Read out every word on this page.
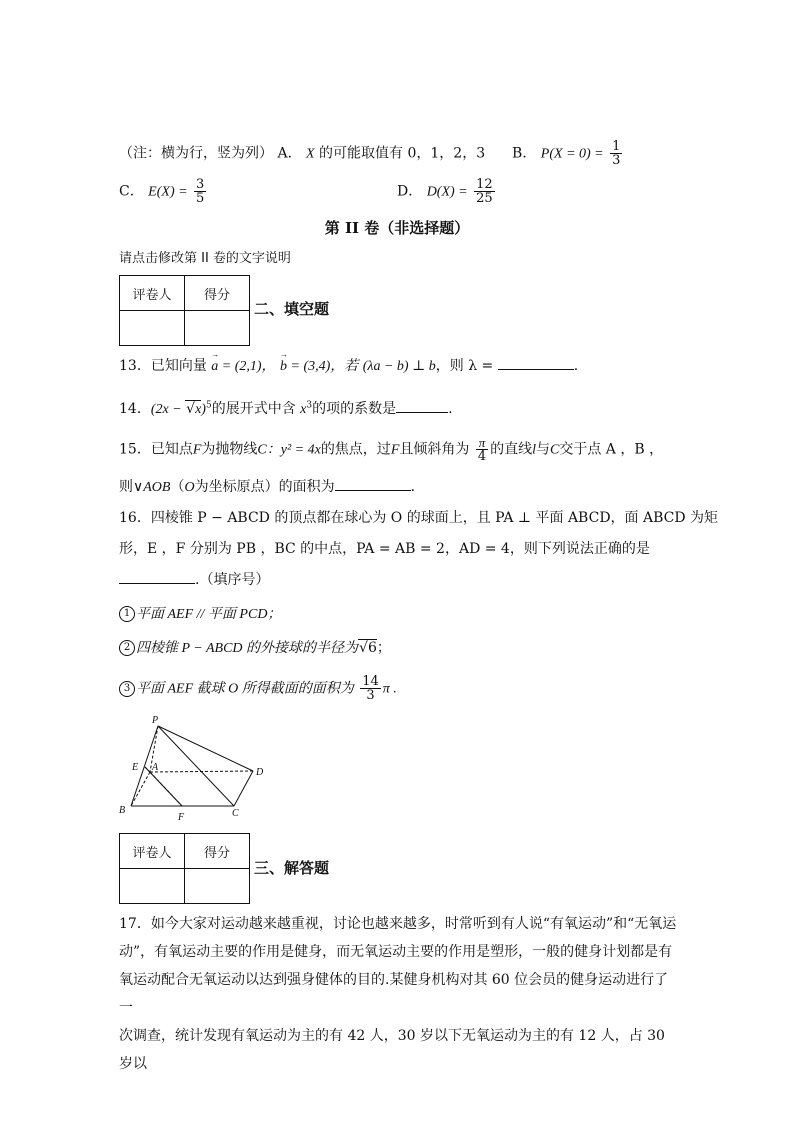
（注：横为行，竖为列） A． X 的可能取值有 0，1，2，3 B． $P(X = 0) = \frac{1}{3}$
C． $E(X) = \frac{3}{5}$	D． $D(X) = \frac{12}{25}$
第 II 卷（非选择题）
请点击修改第 II 卷的文字说明
评卷人	得分

二、填空题
13．已知向量 → a = (2,1)， → b = (3,4)，若 (λa − b) ⊥ b，则 λ =	.
14．$(2x - √x)^5$的展开式中含 $x^3$的项的系数是	.
15．已知点F为抛物线C：y² = 4x的焦点，过F且倾斜角为 $\frac{\pi}{4}$ 的直线l与C交于点 A ，B ，
则∨AOB（O为坐标原点）的面积为	.
16．四棱锥 P − ABCD 的顶点都在球心为 O 的球面上，且 PA ⊥ 平面 ABCD，面 ABCD 为矩
形，E ，F 分别为 PB ，BC 的中点，PA = AB = 2，AD = 4，则下列说法正确的是
.（填序号）
1 平面 AEF // 平面 PCD；
2 四棱锥 P − ABCD 的外接球的半径为√6；
3 平面 AEF 截球 O 所得截面的面积为 $\frac{14}{3}$ π .
P
E A	D
B
F	C
评卷人	得分

三、解答题
17．如今大家对运动越来越重视，讨论也越来越多，时常听到有人说“有氧运动”和“无氧运
动”，有氧运动主要的作用是健身，而无氧运动主要的作用是塑形，一般的健身计划都是有
氧运动配合无氧运动以达到强身健体的目的.某健身机构对其 60 位会员的健身运动进行了一
次调查，统计发现有氧运动为主的有 42 人，30 岁以下无氧运动为主的有 12 人，占 30 岁以
